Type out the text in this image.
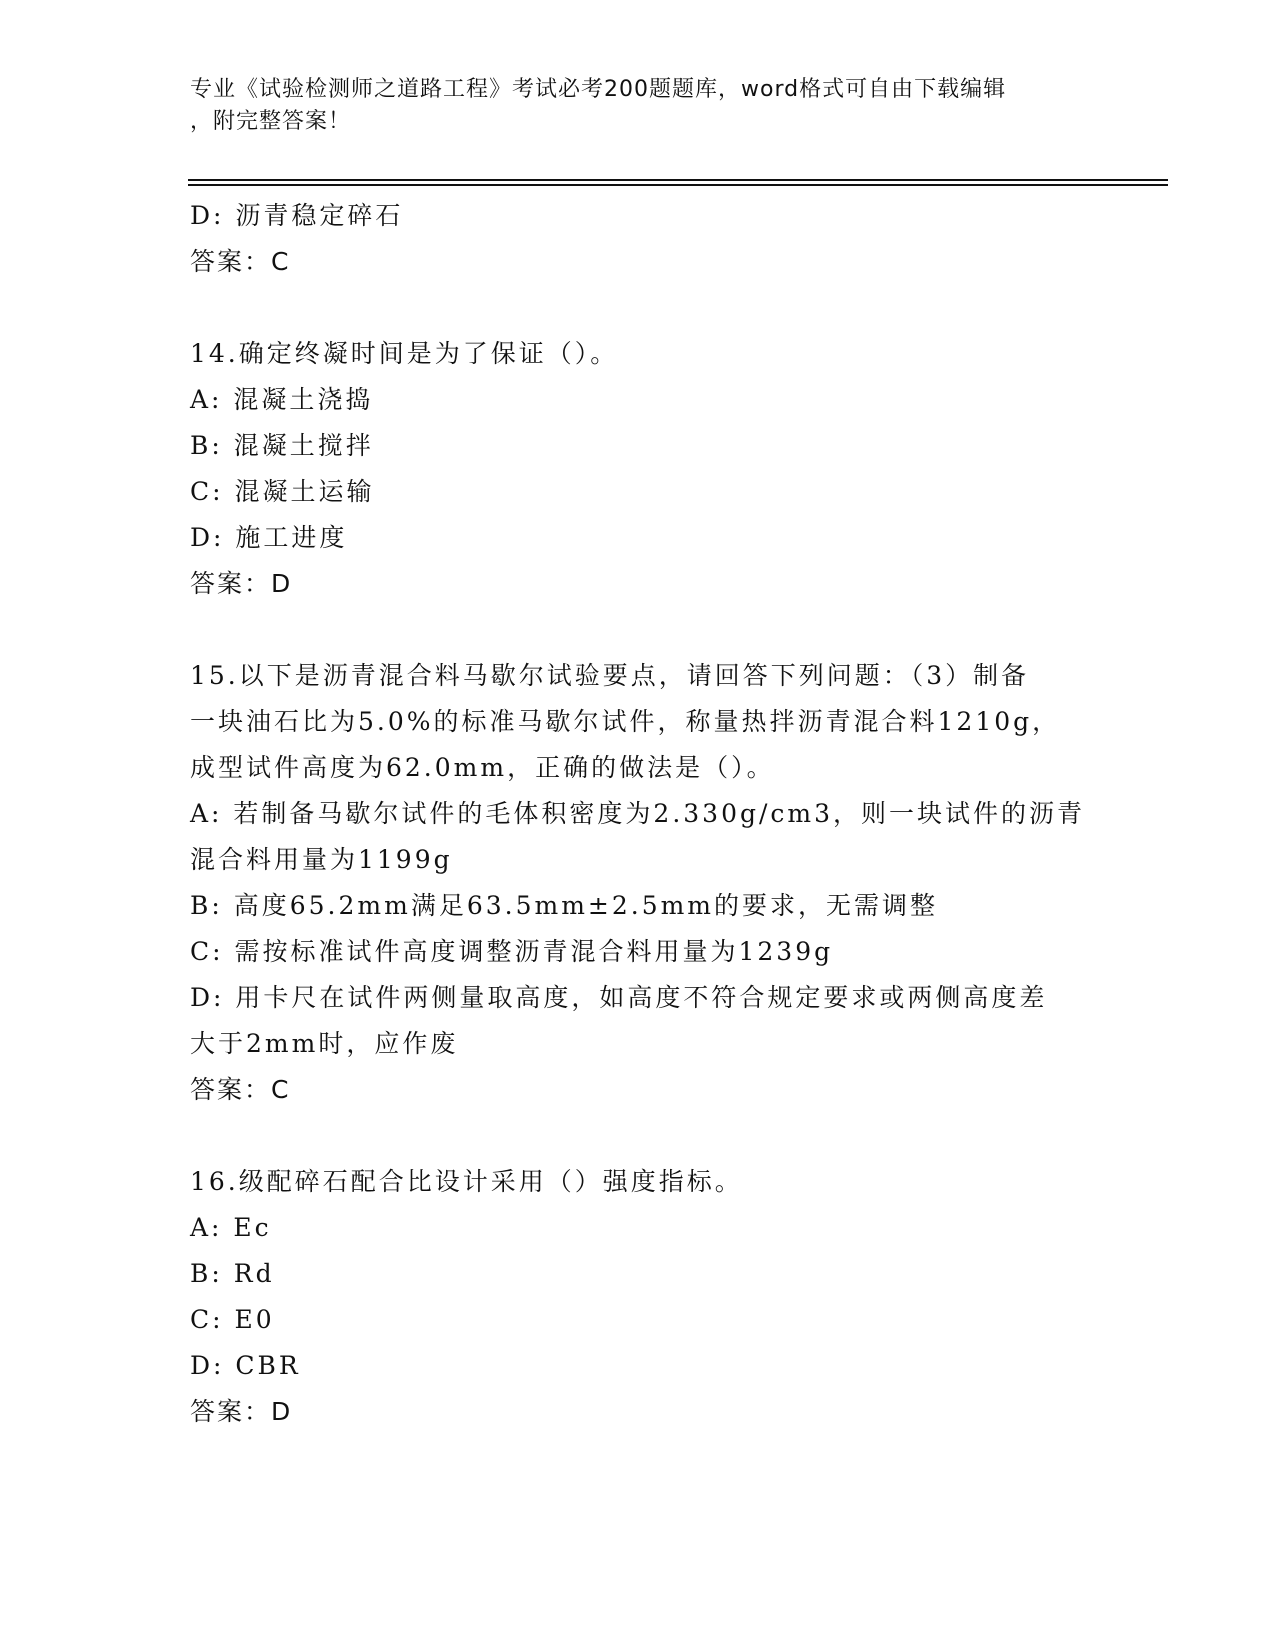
专业《试验检测师之道路工程》考试必考200题题库，word格式可自由下载编辑
，附完整答案！
D: 沥青稳定碎石
答案：C
14.确定终凝时间是为了保证（）。
A: 混凝土浇捣
B: 混凝土搅拌
C: 混凝土运输
D: 施工进度
答案：D
15.以下是沥青混合料马歇尔试验要点，请回答下列问题：（3）制备
一块油石比为5.0%的标准马歇尔试件，称量热拌沥青混合料1210g，
成型试件高度为62.0mm，正确的做法是（）。
A: 若制备马歇尔试件的毛体积密度为2.330g/cm3，则一块试件的沥青
混合料用量为1199g
B: 高度65.2mm满足63.5mm±2.5mm的要求，无需调整
C: 需按标准试件高度调整沥青混合料用量为1239g
D: 用卡尺在试件两侧量取高度，如高度不符合规定要求或两侧高度差
大于2mm时，应作废
答案：C
16.级配碎石配合比设计采用（）强度指标。
A: Ec
B: Rd
C: E0
D: CBR
答案：D
